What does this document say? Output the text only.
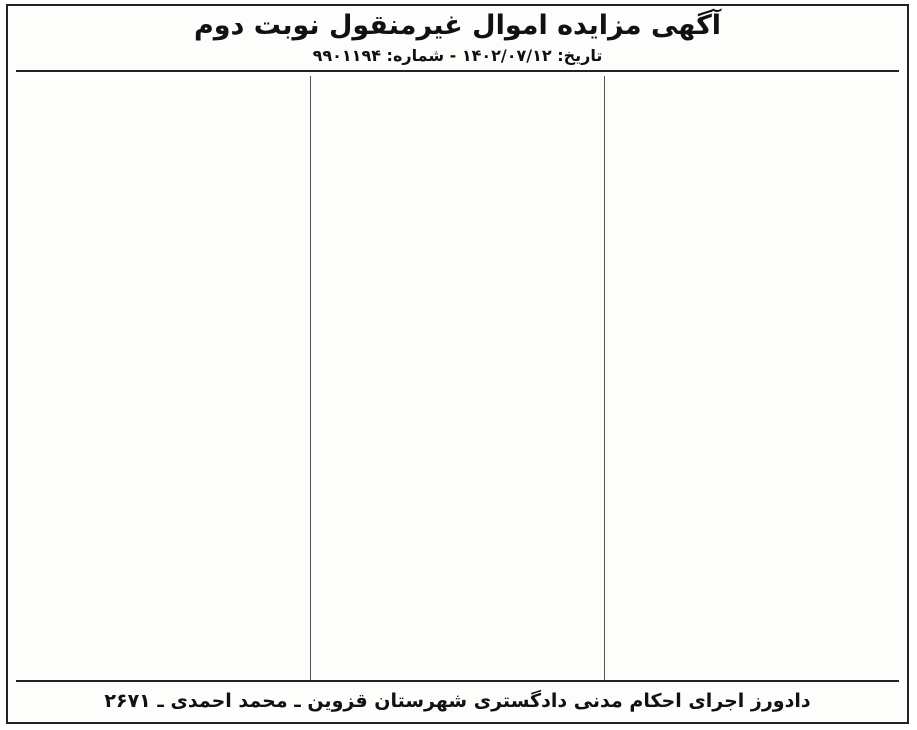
آگهی مزایده اموال غیرمنقول نوبت دوم
تاریخ: ۱۴۰۲/۰۷/۱۲ - شماره: ۹۹۰۱۱۹۴
دادورز اجرای احکام مدنی دادگستری شهرستان قزوین ـ محمد احمدی ـ ۲۶۷۱
